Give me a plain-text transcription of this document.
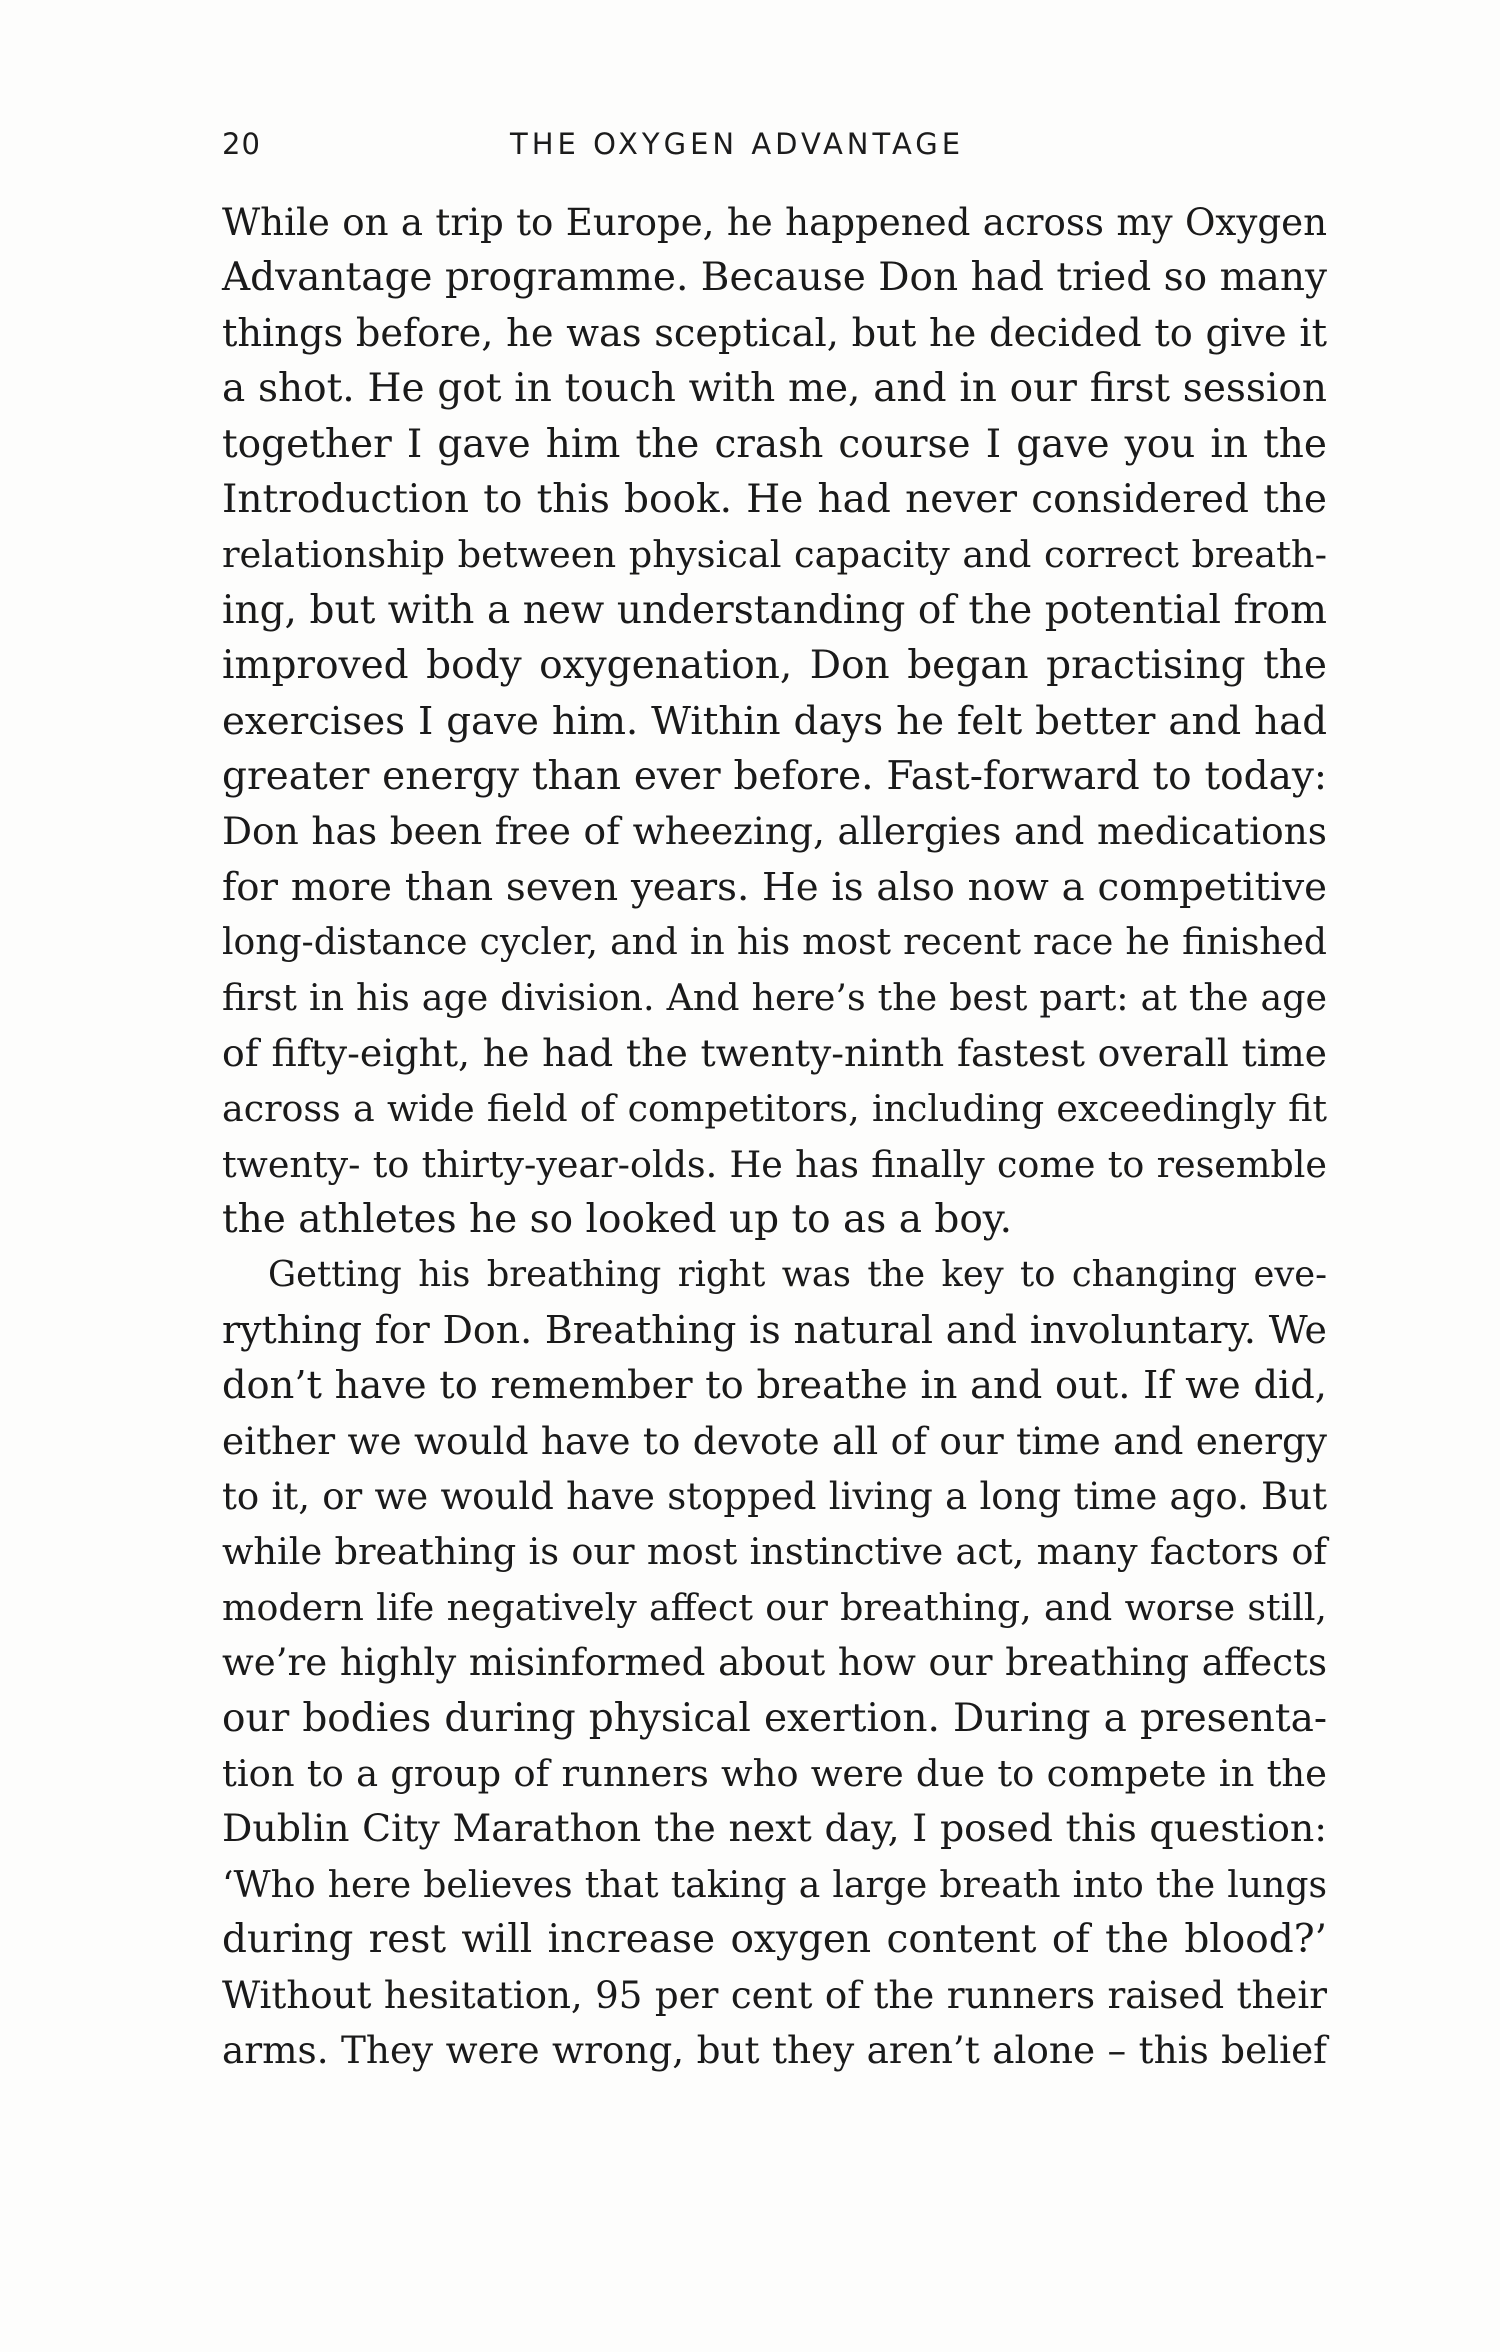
20	THE OXYGEN ADVANTAGE
While on a trip to Europe, he happened across my Oxygen
Advantage programme. Because Don had tried so many
things before, he was sceptical, but he decided to give it
a shot. He got in touch with me, and in our first session
together I gave him the crash course I gave you in the
Introduction to this book. He had never considered the
relationship between physical capacity and correct breath-
ing, but with a new understanding of the potential from
improved body oxygenation, Don began practising the
exercises I gave him. Within days he felt better and had
greater energy than ever before. Fast-forward to today:
Don has been free of wheezing, allergies and medications
for more than seven years. He is also now a competitive
long-distance cycler, and in his most recent race he finished
first in his age division. And here’s the best part: at the age
of fifty-eight, he had the twenty-ninth fastest overall time
across a wide field of competitors, including exceedingly fit
twenty- to thirty-year-olds. He has finally come to resemble
the athletes he so looked up to as a boy.
Getting his breathing right was the key to changing eve-
rything for Don. Breathing is natural and involuntary. We
don’t have to remember to breathe in and out. If we did,
either we would have to devote all of our time and energy
to it, or we would have stopped living a long time ago. But
while breathing is our most instinctive act, many factors of
modern life negatively affect our breathing, and worse still,
we’re highly misinformed about how our breathing affects
our bodies during physical exertion. During a presenta-
tion to a group of runners who were due to compete in the
Dublin City Marathon the next day, I posed this question:
‘Who here believes that taking a large breath into the lungs
during rest will increase oxygen content of the blood?’
Without hesitation, 95 per cent of the runners raised their
arms. They were wrong, but they aren’t alone – this belief
